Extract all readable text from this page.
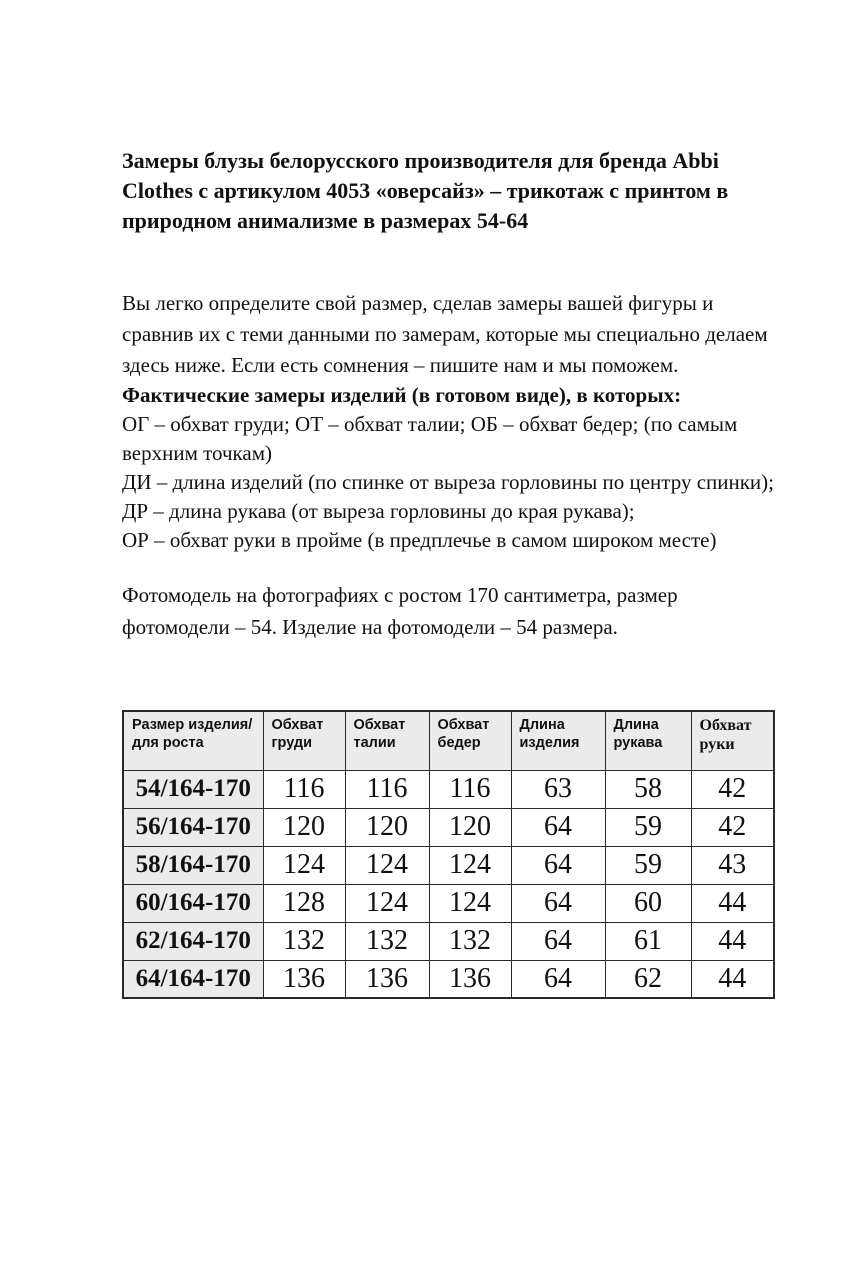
Замеры блузы белорусского производителя для бренда Abbi Clothes с артикулом 4053 «оверсайз» – трикотаж с принтом в природном анимализме в размерах 54-64

Вы легко определите свой размер, сделав замеры вашей фигуры и сравнив их с теми данными по замерам, которые мы специально делаем здесь ниже. Если есть сомнения – пишите нам и мы поможем.

Фактические замеры изделий (в готовом виде), в которых:
ОГ – обхват груди; ОТ – обхват талии; ОБ – обхват бедер; (по самым верхним точкам)
ДИ – длина изделий (по спинке от выреза горловины по центру спинки);
ДР – длина рукава (от выреза горловины до края рукава);
ОР – обхват руки в пройме (в предплечье в самом широком месте)

Фотомодель на фотографиях с ростом 170 сантиметра, размер фотомодели – 54. Изделие на фотомодели – 54 размера.

Размер изделия/для роста	Обхват груди	Обхват талии	Обхват бедер	Длина изделия	Длина рукава	Обхват руки
54/164-170	116	116	116	63	58	42
56/164-170	120	120	120	64	59	42
58/164-170	124	124	124	64	59	43
60/164-170	128	124	124	64	60	44
62/164-170	132	132	132	64	61	44
64/164-170	136	136	136	64	62	44
